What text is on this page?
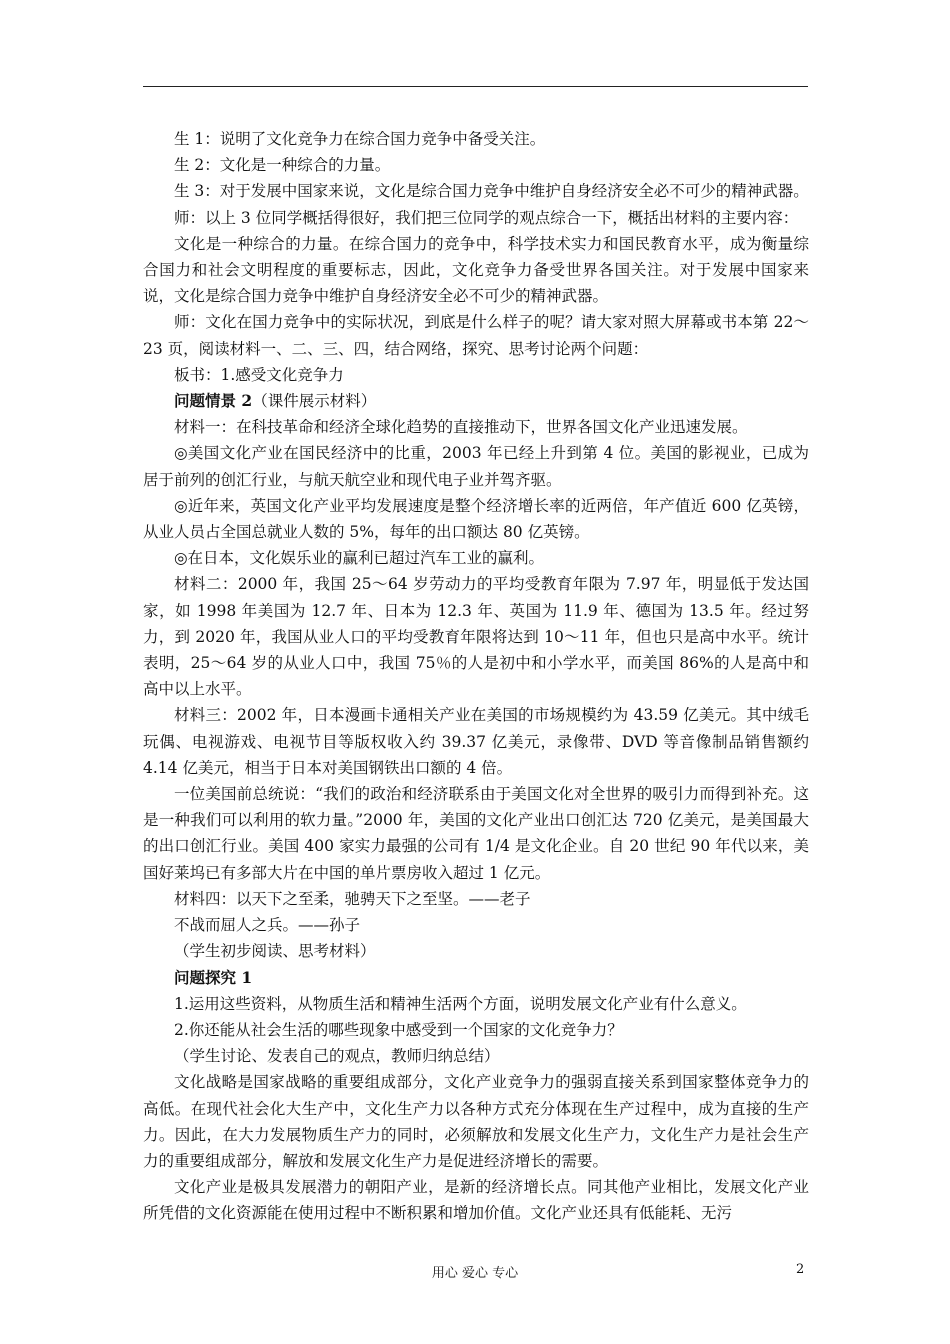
生 1：说明了文化竞争力在综合国力竞争中备受关注。

生 2：文化是一种综合的力量。

生 3：对于发展中国家来说，文化是综合国力竞争中维护自身经济安全必不可少的精神武器。

师：以上 3 位同学概括得很好，我们把三位同学的观点综合一下，概括出材料的主要内容：

文化是一种综合的力量。在综合国力的竞争中，科学技术实力和国民教育水平，成为衡量综合国力和社会文明程度的重要标志，因此，文化竞争力备受世界各国关注。对于发展中国家来说，文化是综合国力竞争中维护自身经济安全必不可少的精神武器。

师：文化在国力竞争中的实际状况，到底是什么样子的呢？请大家对照大屏幕或书本第 22～23 页，阅读材料一、二、三、四，结合网络，探究、思考讨论两个问题：

板书：1.感受文化竞争力

问题情景 2（课件展示材料）

材料一：在科技革命和经济全球化趋势的直接推动下，世界各国文化产业迅速发展。

◎美国文化产业在国民经济中的比重，2003 年已经上升到第 4 位。美国的影视业，已成为居于前列的创汇行业，与航天航空业和现代电子业并驾齐驱。

◎近年来，英国文化产业平均发展速度是整个经济增长率的近两倍，年产值近 600 亿英镑，从业人员占全国总就业人数的 5%，每年的出口额达 80 亿英镑。

◎在日本，文化娱乐业的赢利已超过汽车工业的赢利。

材料二：2000 年，我国 25～64 岁劳动力的平均受教育年限为 7.97 年，明显低于发达国家，如 1998 年美国为 12.7 年、日本为 12.3 年、英国为 11.9 年、德国为 13.5 年。经过努力，到 2020 年，我国从业人口的平均受教育年限将达到 10～11 年，但也只是高中水平。统计表明，25～64 岁的从业人口中，我国 75％的人是初中和小学水平，而美国 86%的人是高中和高中以上水平。

材料三：2002 年，日本漫画卡通相关产业在美国的市场规模约为 43.59 亿美元。其中绒毛玩偶、电视游戏、电视节目等版权收入约 39.37 亿美元，录像带、DVD 等音像制品销售额约 4.14 亿美元，相当于日本对美国钢铁出口额的 4 倍。

一位美国前总统说：“我们的政治和经济联系由于美国文化对全世界的吸引力而得到补充。这是一种我们可以利用的软力量。”2000 年，美国的文化产业出口创汇达 720 亿美元，是美国最大的出口创汇行业。美国 400 家实力最强的公司有 1/4 是文化企业。自 20 世纪 90 年代以来，美国好莱坞已有多部大片在中国的单片票房收入超过 1 亿元。

材料四：以天下之至柔，驰骋天下之至坚。——老子

不战而屈人之兵。——孙子

（学生初步阅读、思考材料）

问题探究 1

1.运用这些资料，从物质生活和精神生活两个方面，说明发展文化产业有什么意义。

2.你还能从社会生活的哪些现象中感受到一个国家的文化竞争力？

（学生讨论、发表自己的观点，教师归纳总结）

文化战略是国家战略的重要组成部分，文化产业竞争力的强弱直接关系到国家整体竞争力的高低。在现代社会化大生产中，文化生产力以各种方式充分体现在生产过程中，成为直接的生产力。因此，在大力发展物质生产力的同时，必须解放和发展文化生产力，文化生产力是社会生产力的重要组成部分，解放和发展文化生产力是促进经济增长的需要。

文化产业是极具发展潜力的朝阳产业，是新的经济增长点。同其他产业相比，发展文化产业所凭借的文化资源能在使用过程中不断积累和增加价值。文化产业还具有低能耗、无污

用心 爱心 专心	2
